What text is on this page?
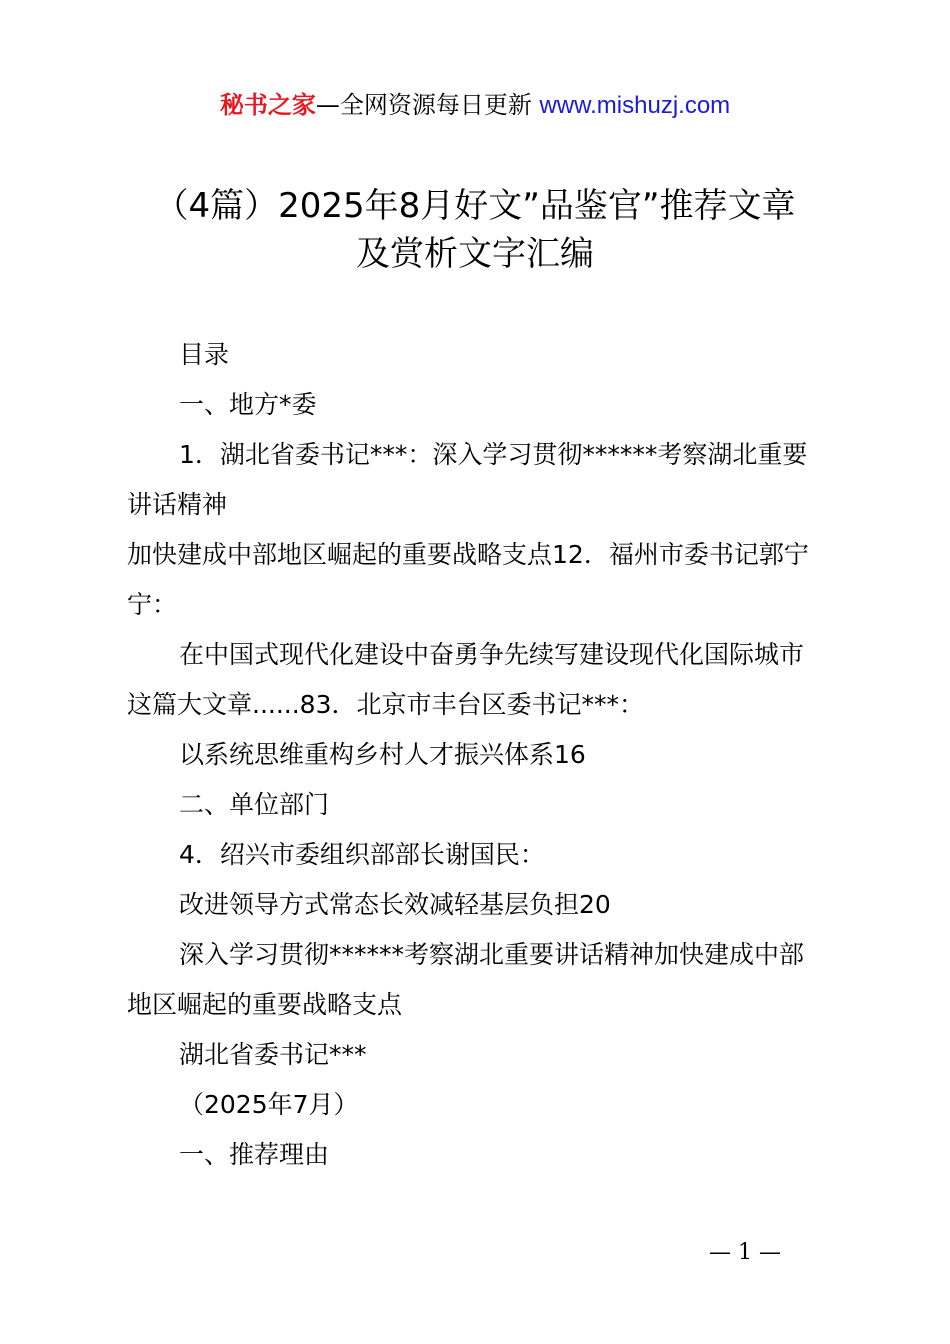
秘书之家—全网资源每日更新 www.mishuzj.com
（4篇）2025年8月好文”品鉴官”推荐文章
及赏析文字汇编
目录
一、地方*委
1．湖北省委书记***：深入学习贯彻******考察湖北重要
讲话精神
加快建成中部地区崛起的重要战略支点12．福州市委书记郭宁
宁：
在中国式现代化建设中奋勇争先续写建设现代化国际城市
这篇大文章......83．北京市丰台区委书记***：
以系统思维重构乡村人才振兴体系16
二、单位部门
4．绍兴市委组织部部长谢国民：
改进领导方式常态长效减轻基层负担20
深入学习贯彻******考察湖北重要讲话精神加快建成中部
地区崛起的重要战略支点
湖北省委书记***
（2025年7月）
一、推荐理由
— 1 —
